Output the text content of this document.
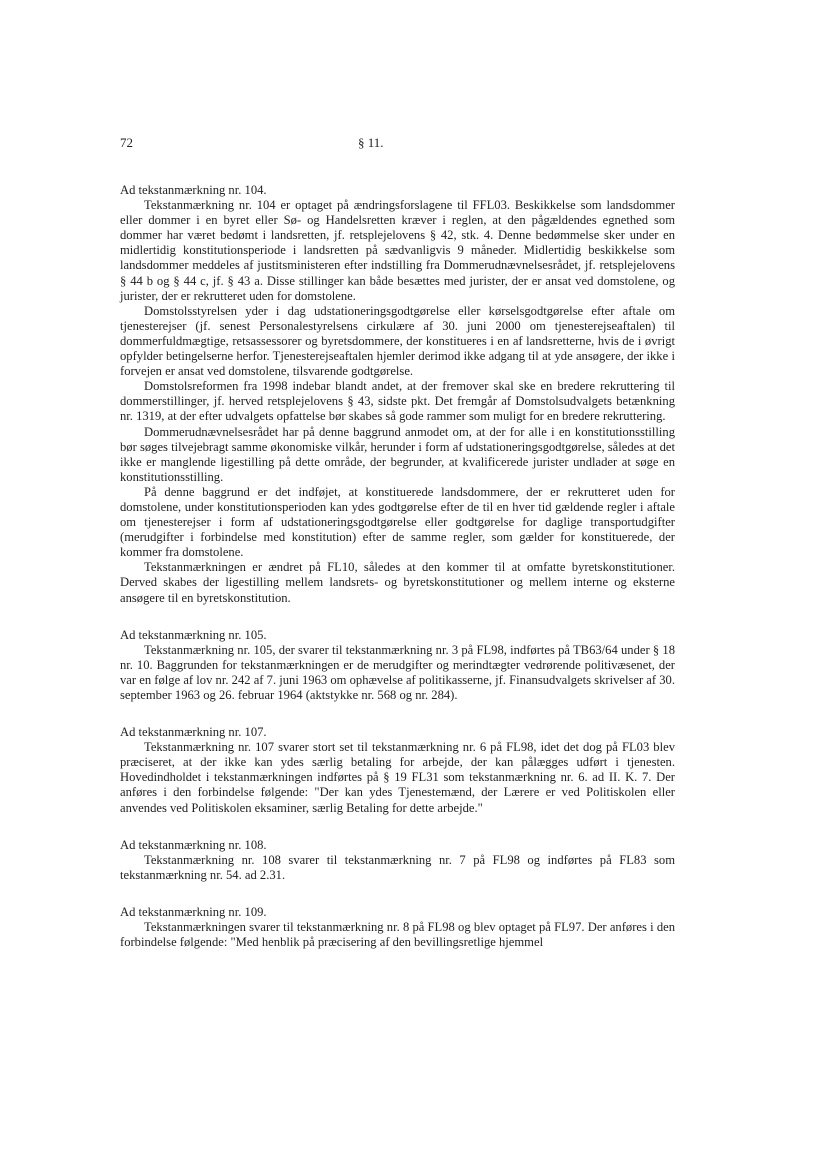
72	§ 11.

Ad tekstanmærkning nr. 104.

Tekstanmærkning nr. 104 er optaget på ændringsforslagene til FFL03. Beskikkelse som landsdommer eller dommer i en byret eller Sø- og Handelsretten kræver i reglen, at den pågældendes egnethed som dommer har været bedømt i landsretten, jf. retsplejelovens § 42, stk. 4. Denne bedømmelse sker under en midlertidig konstitutionsperiode i landsretten på sædvanligvis 9 måneder. Midlertidig beskikkelse som landsdommer meddeles af justitsministeren efter indstilling fra Dommerudnævnelsesrådet, jf. retsplejelovens § 44 b og § 44 c, jf. § 43 a. Disse stillinger kan både besættes med jurister, der er ansat ved domstolene, og jurister, der er rekrutteret uden for domstolene.

Domstolsstyrelsen yder i dag udstationeringsgodtgørelse eller kørselsgodtgørelse efter aftale om tjenesterejser (jf. senest Personalestyrelsens cirkulære af 30. juni 2000 om tjenesterejseaftalen) til dommerfuldmægtige, retsassessorer og byretsdommere, der konstitueres i en af landsretterne, hvis de i øvrigt opfylder betingelserne herfor. Tjenesterejseaftalen hjemler derimod ikke adgang til at yde ansøgere, der ikke i forvejen er ansat ved domstolene, tilsvarende godtgørelse.

Domstolsreformen fra 1998 indebar blandt andet, at der fremover skal ske en bredere rekruttering til dommerstillinger, jf. herved retsplejelovens § 43, sidste pkt. Det fremgår af Domstolsudvalgets betænkning nr. 1319, at der efter udvalgets opfattelse bør skabes så gode rammer som muligt for en bredere rekruttering.

Dommerudnævnelsesrådet har på denne baggrund anmodet om, at der for alle i en konstitutionsstilling bør søges tilvejebragt samme økonomiske vilkår, herunder i form af udstationeringsgodtgørelse, således at det ikke er manglende ligestilling på dette område, der begrunder, at kvalificerede jurister undlader at søge en konstitutionsstilling.

På denne baggrund er det indføjet, at konstituerede landsdommere, der er rekrutteret uden for domstolene, under konstitutionsperioden kan ydes godtgørelse efter de til en hver tid gældende regler i aftale om tjenesterejser i form af udstationeringsgodtgørelse eller godtgørelse for daglige transportudgifter (merudgifter i forbindelse med konstitution) efter de samme regler, som gælder for konstituerede, der kommer fra domstolene.

Tekstanmærkningen er ændret på FL10, således at den kommer til at omfatte byretskonstitutioner. Derved skabes der ligestilling mellem landsrets- og byretskonstitutioner og mellem interne og eksterne ansøgere til en byretskonstitution.

Ad tekstanmærkning nr. 105.

Tekstanmærkning nr. 105, der svarer til tekstanmærkning nr. 3 på FL98, indførtes på TB63/64 under § 18 nr. 10. Baggrunden for tekstanmærkningen er de merudgifter og merindtægter vedrørende politivæsenet, der var en følge af lov nr. 242 af 7. juni 1963 om ophævelse af politikasserne, jf. Finansudvalgets skrivelser af 30. september 1963 og 26. februar 1964 (aktstykke nr. 568 og nr. 284).

Ad tekstanmærkning nr. 107.

Tekstanmærkning nr. 107 svarer stort set til tekstanmærkning nr. 6 på FL98, idet det dog på FL03 blev præciseret, at der ikke kan ydes særlig betaling for arbejde, der kan pålægges udført i tjenesten. Hovedindholdet i tekstanmærkningen indførtes på § 19 FL31 som tekstanmærkning nr. 6. ad II. K. 7. Der anføres i den forbindelse følgende: "Der kan ydes Tjenestemænd, der Lærere er ved Politiskolen eller anvendes ved Politiskolen eksaminer, særlig Betaling for dette arbejde."

Ad tekstanmærkning nr. 108.

Tekstanmærkning nr. 108 svarer til tekstanmærkning nr. 7 på FL98 og indførtes på FL83 som tekstanmærkning nr. 54. ad 2.31.

Ad tekstanmærkning nr. 109.

Tekstanmærkningen svarer til tekstanmærkning nr. 8 på FL98 og blev optaget på FL97. Der anføres i den forbindelse følgende: "Med henblik på præcisering af den bevillingsretlige hjemmel
